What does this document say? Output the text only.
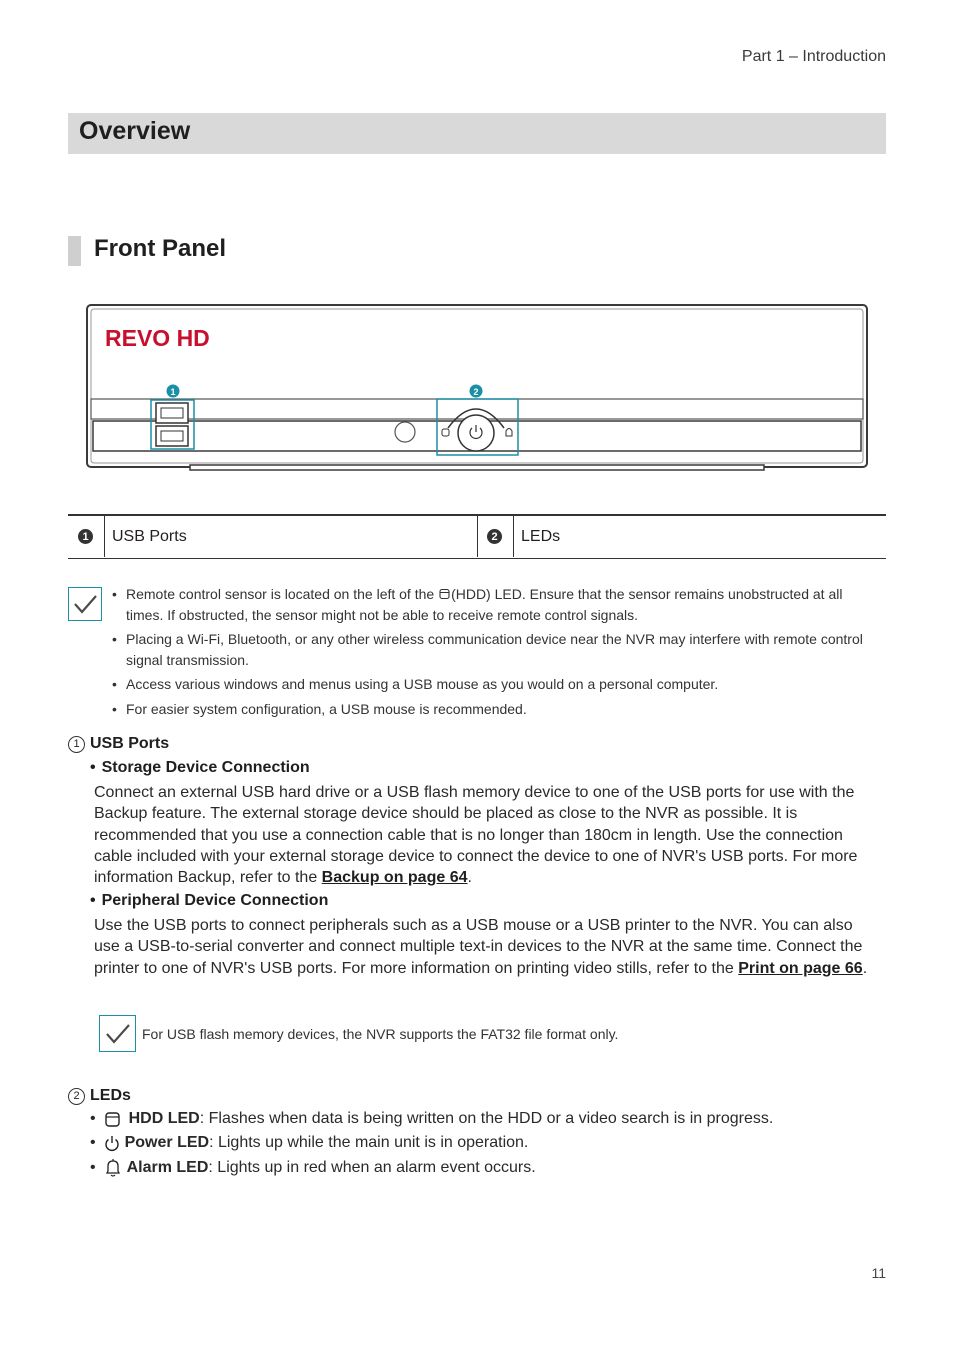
Part 1 – Introduction
Overview
Front Panel
REVO HD
1	2
1 USB Ports	2 LEDs
• Remote control sensor is located on the left of the (HDD) LED. Ensure that the sensor remains unobstructed at all times. If obstructed, the sensor might not be able to receive remote control signals.
• Placing a Wi-Fi, Bluetooth, or any other wireless communication device near the NVR may interfere with remote control signal transmission.
• Access various windows and menus using a USB mouse as you would on a personal computer.
• For easier system configuration, a USB mouse is recommended.
1 USB Ports
• Storage Device Connection
Connect an external USB hard drive or a USB flash memory device to one of the USB ports for use with the Backup feature. The external storage device should be placed as close to the NVR as possible. It is recommended that you use a connection cable that is no longer than 180cm in length. Use the connection cable included with your external storage device to connect the device to one of NVR's USB ports. For more information Backup, refer to the Backup on page 64.
• Peripheral Device Connection
Use the USB ports to connect peripherals such as a USB mouse or a USB printer to the NVR. You can also use a USB-to-serial converter and connect multiple text-in devices to the NVR at the same time. Connect the printer to one of NVR's USB ports. For more information on printing video stills, refer to the Print on page 66.
For USB flash memory devices, the NVR supports the FAT32 file format only.
2 LEDs
• HDD LED : Flashes when data is being written on the HDD or a video search is in progress.
• Power LED : Lights up while the main unit is in operation.
• Alarm LED : Lights up in red when an alarm event occurs.
11
